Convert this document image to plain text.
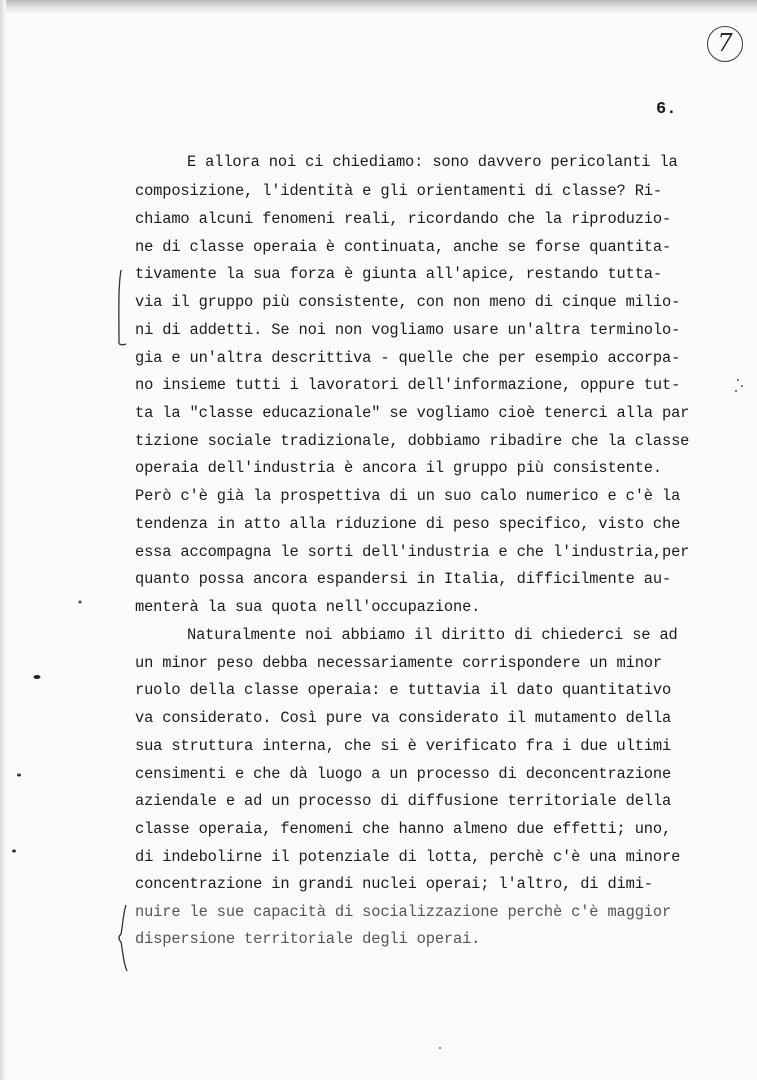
7
6.

E allora noi ci chiediamo: sono davvero pericolanti la

composizione, l'identità e gli orientamenti di classe? Ri-

chiamo alcuni fenomeni reali, ricordando che la riproduzio-

ne di classe operaia è continuata, anche se forse quantita-

tivamente la sua forza è giunta all'apice, restando tutta-

via il gruppo più consistente, con non meno di cinque milio-

ni di addetti. Se noi non vogliamo usare un'altra terminolo-

gia e un'altra descrittiva - quelle che per esempio accorpa-

no insieme tutti i lavoratori dell'informazione, oppure tut-

ta la "classe educazionale" se vogliamo cioè tenerci alla par

tizione sociale tradizionale, dobbiamo ribadire che la classe

operaia dell'industria è ancora il gruppo più consistente.

Però c'è già la prospettiva di un suo calo numerico e c'è la

tendenza in atto alla riduzione di peso specifico, visto che

essa accompagna le sorti dell'industria e che l'industria,per

quanto possa ancora espandersi in Italia, difficilmente au-

menterà la sua quota nell'occupazione.

Naturalmente noi abbiamo il diritto di chiederci se ad

un minor peso debba necessariamente corrispondere un minor

ruolo della classe operaia: e tuttavia il dato quantitativo

va considerato. Così pure va considerato il mutamento della

sua struttura interna, che si è verificato fra i due ultimi

censimenti e che dà luogo a un processo di deconcentrazione

aziendale e ad un processo di diffusione territoriale della

classe operaia, fenomeni che hanno almeno due effetti; uno,

di indebolirne il potenziale di lotta, perchè c'è una minore

concentrazione in grandi nuclei operai; l'altro, di dimi-

nuire le sue capacità di socializzazione perchè c'è maggior

dispersione territoriale degli operai.
